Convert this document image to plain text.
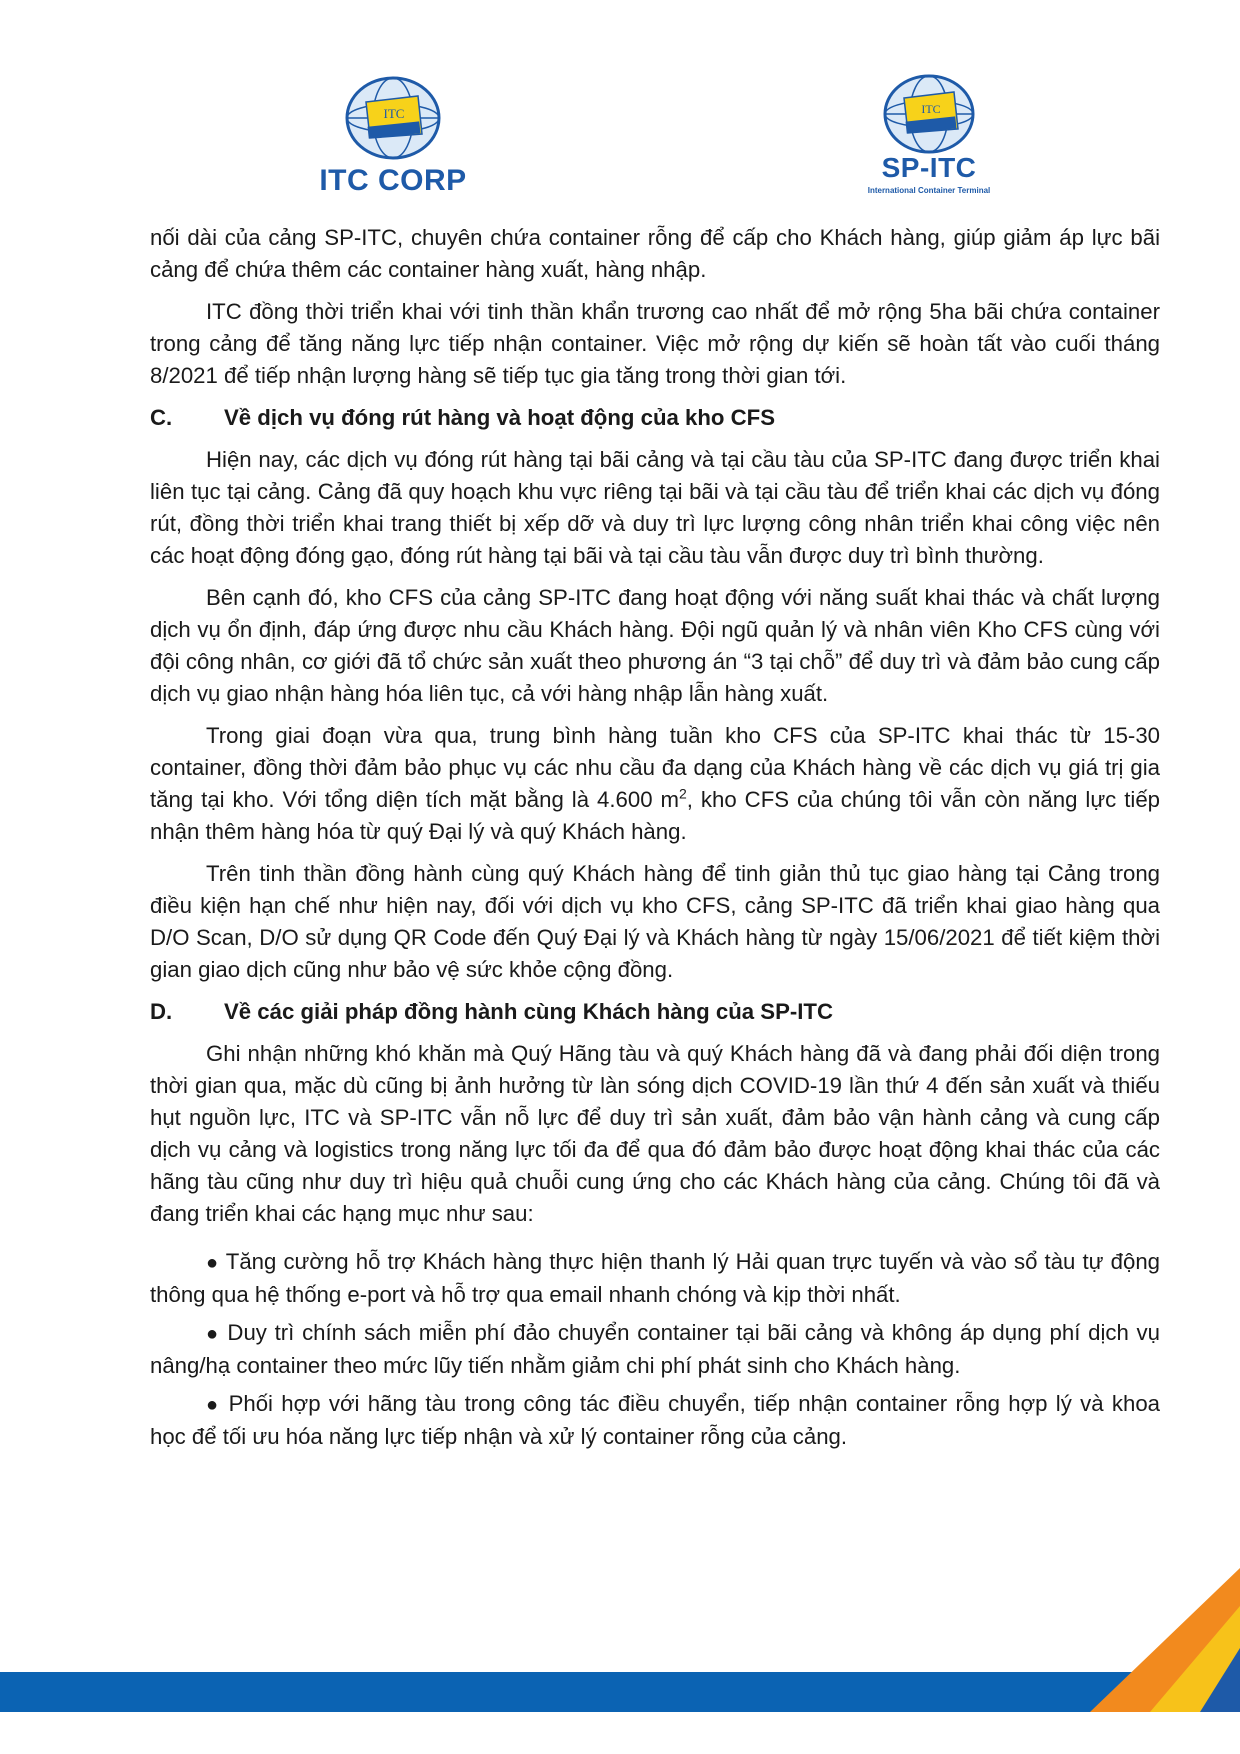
ITC
ITC CORP
ITC
SP-ITC
International Container Terminal

nối dài của cảng SP-ITC, chuyên chứa container rỗng để cấp cho Khách hàng, giúp giảm áp lực bãi cảng để chứa thêm các container hàng xuất, hàng nhập.

ITC đồng thời triển khai với tinh thần khẩn trương cao nhất để mở rộng 5ha bãi chứa container trong cảng để tăng năng lực tiếp nhận container. Việc mở rộng dự kiến sẽ hoàn tất vào cuối tháng 8/2021 để tiếp nhận lượng hàng sẽ tiếp tục gia tăng trong thời gian tới.

C.	Về dịch vụ đóng rút hàng và hoạt động của kho CFS

Hiện nay, các dịch vụ đóng rút hàng tại bãi cảng và tại cầu tàu của SP-ITC đang được triển khai liên tục tại cảng. Cảng đã quy hoạch khu vực riêng tại bãi và tại cầu tàu để triển khai các dịch vụ đóng rút, đồng thời triển khai trang thiết bị xếp dỡ và duy trì lực lượng công nhân triển khai công việc nên các hoạt động đóng gạo, đóng rút hàng tại bãi và tại cầu tàu vẫn được duy trì bình thường.

Bên cạnh đó, kho CFS của cảng SP-ITC đang hoạt động với năng suất khai thác và chất lượng dịch vụ ổn định, đáp ứng được nhu cầu Khách hàng. Đội ngũ quản lý và nhân viên Kho CFS cùng với đội công nhân, cơ giới đã tổ chức sản xuất theo phương án “3 tại chỗ” để duy trì và đảm bảo cung cấp dịch vụ giao nhận hàng hóa liên tục, cả với hàng nhập lẫn hàng xuất.

Trong giai đoạn vừa qua, trung bình hàng tuần kho CFS của SP-ITC khai thác từ 15-30 container, đồng thời đảm bảo phục vụ các nhu cầu đa dạng của Khách hàng về các dịch vụ giá trị gia tăng tại kho. Với tổng diện tích mặt bằng là 4.600 $m^2$, kho CFS của chúng tôi vẫn còn năng lực tiếp nhận thêm hàng hóa từ quý Đại lý và quý Khách hàng.

Trên tinh thần đồng hành cùng quý Khách hàng để tinh giản thủ tục giao hàng tại Cảng trong điều kiện hạn chế như hiện nay, đối với dịch vụ kho CFS, cảng SP-ITC đã triển khai giao hàng qua D/O Scan, D/O sử dụng QR Code đến Quý Đại lý và Khách hàng từ ngày 15/06/2021 để tiết kiệm thời gian giao dịch cũng như bảo vệ sức khỏe cộng đồng.

D.	Về các giải pháp đồng hành cùng Khách hàng của SP-ITC

Ghi nhận những khó khăn mà Quý Hãng tàu và quý Khách hàng đã và đang phải đối diện trong thời gian qua, mặc dù cũng bị ảnh hưởng từ làn sóng dịch COVID-19 lần thứ 4 đến sản xuất và thiếu hụt nguồn lực, ITC và SP-ITC vẫn nỗ lực để duy trì sản xuất, đảm bảo vận hành cảng và cung cấp dịch vụ cảng và logistics trong năng lực tối đa để qua đó đảm bảo được hoạt động khai thác của các hãng tàu cũng như duy trì hiệu quả chuỗi cung ứng cho các Khách hàng của cảng. Chúng tôi đã và đang triển khai các hạng mục như sau:

● Tăng cường hỗ trợ Khách hàng thực hiện thanh lý Hải quan trực tuyến và vào sổ tàu tự động thông qua hệ thống e-port và hỗ trợ qua email nhanh chóng và kịp thời nhất.

● Duy trì chính sách miễn phí đảo chuyển container tại bãi cảng và không áp dụng phí dịch vụ nâng/hạ container theo mức lũy tiến nhằm giảm chi phí phát sinh cho Khách hàng.

● Phối hợp với hãng tàu trong công tác điều chuyển, tiếp nhận container rỗng hợp lý và khoa học để tối ưu hóa năng lực tiếp nhận và xử lý container rỗng của cảng.
